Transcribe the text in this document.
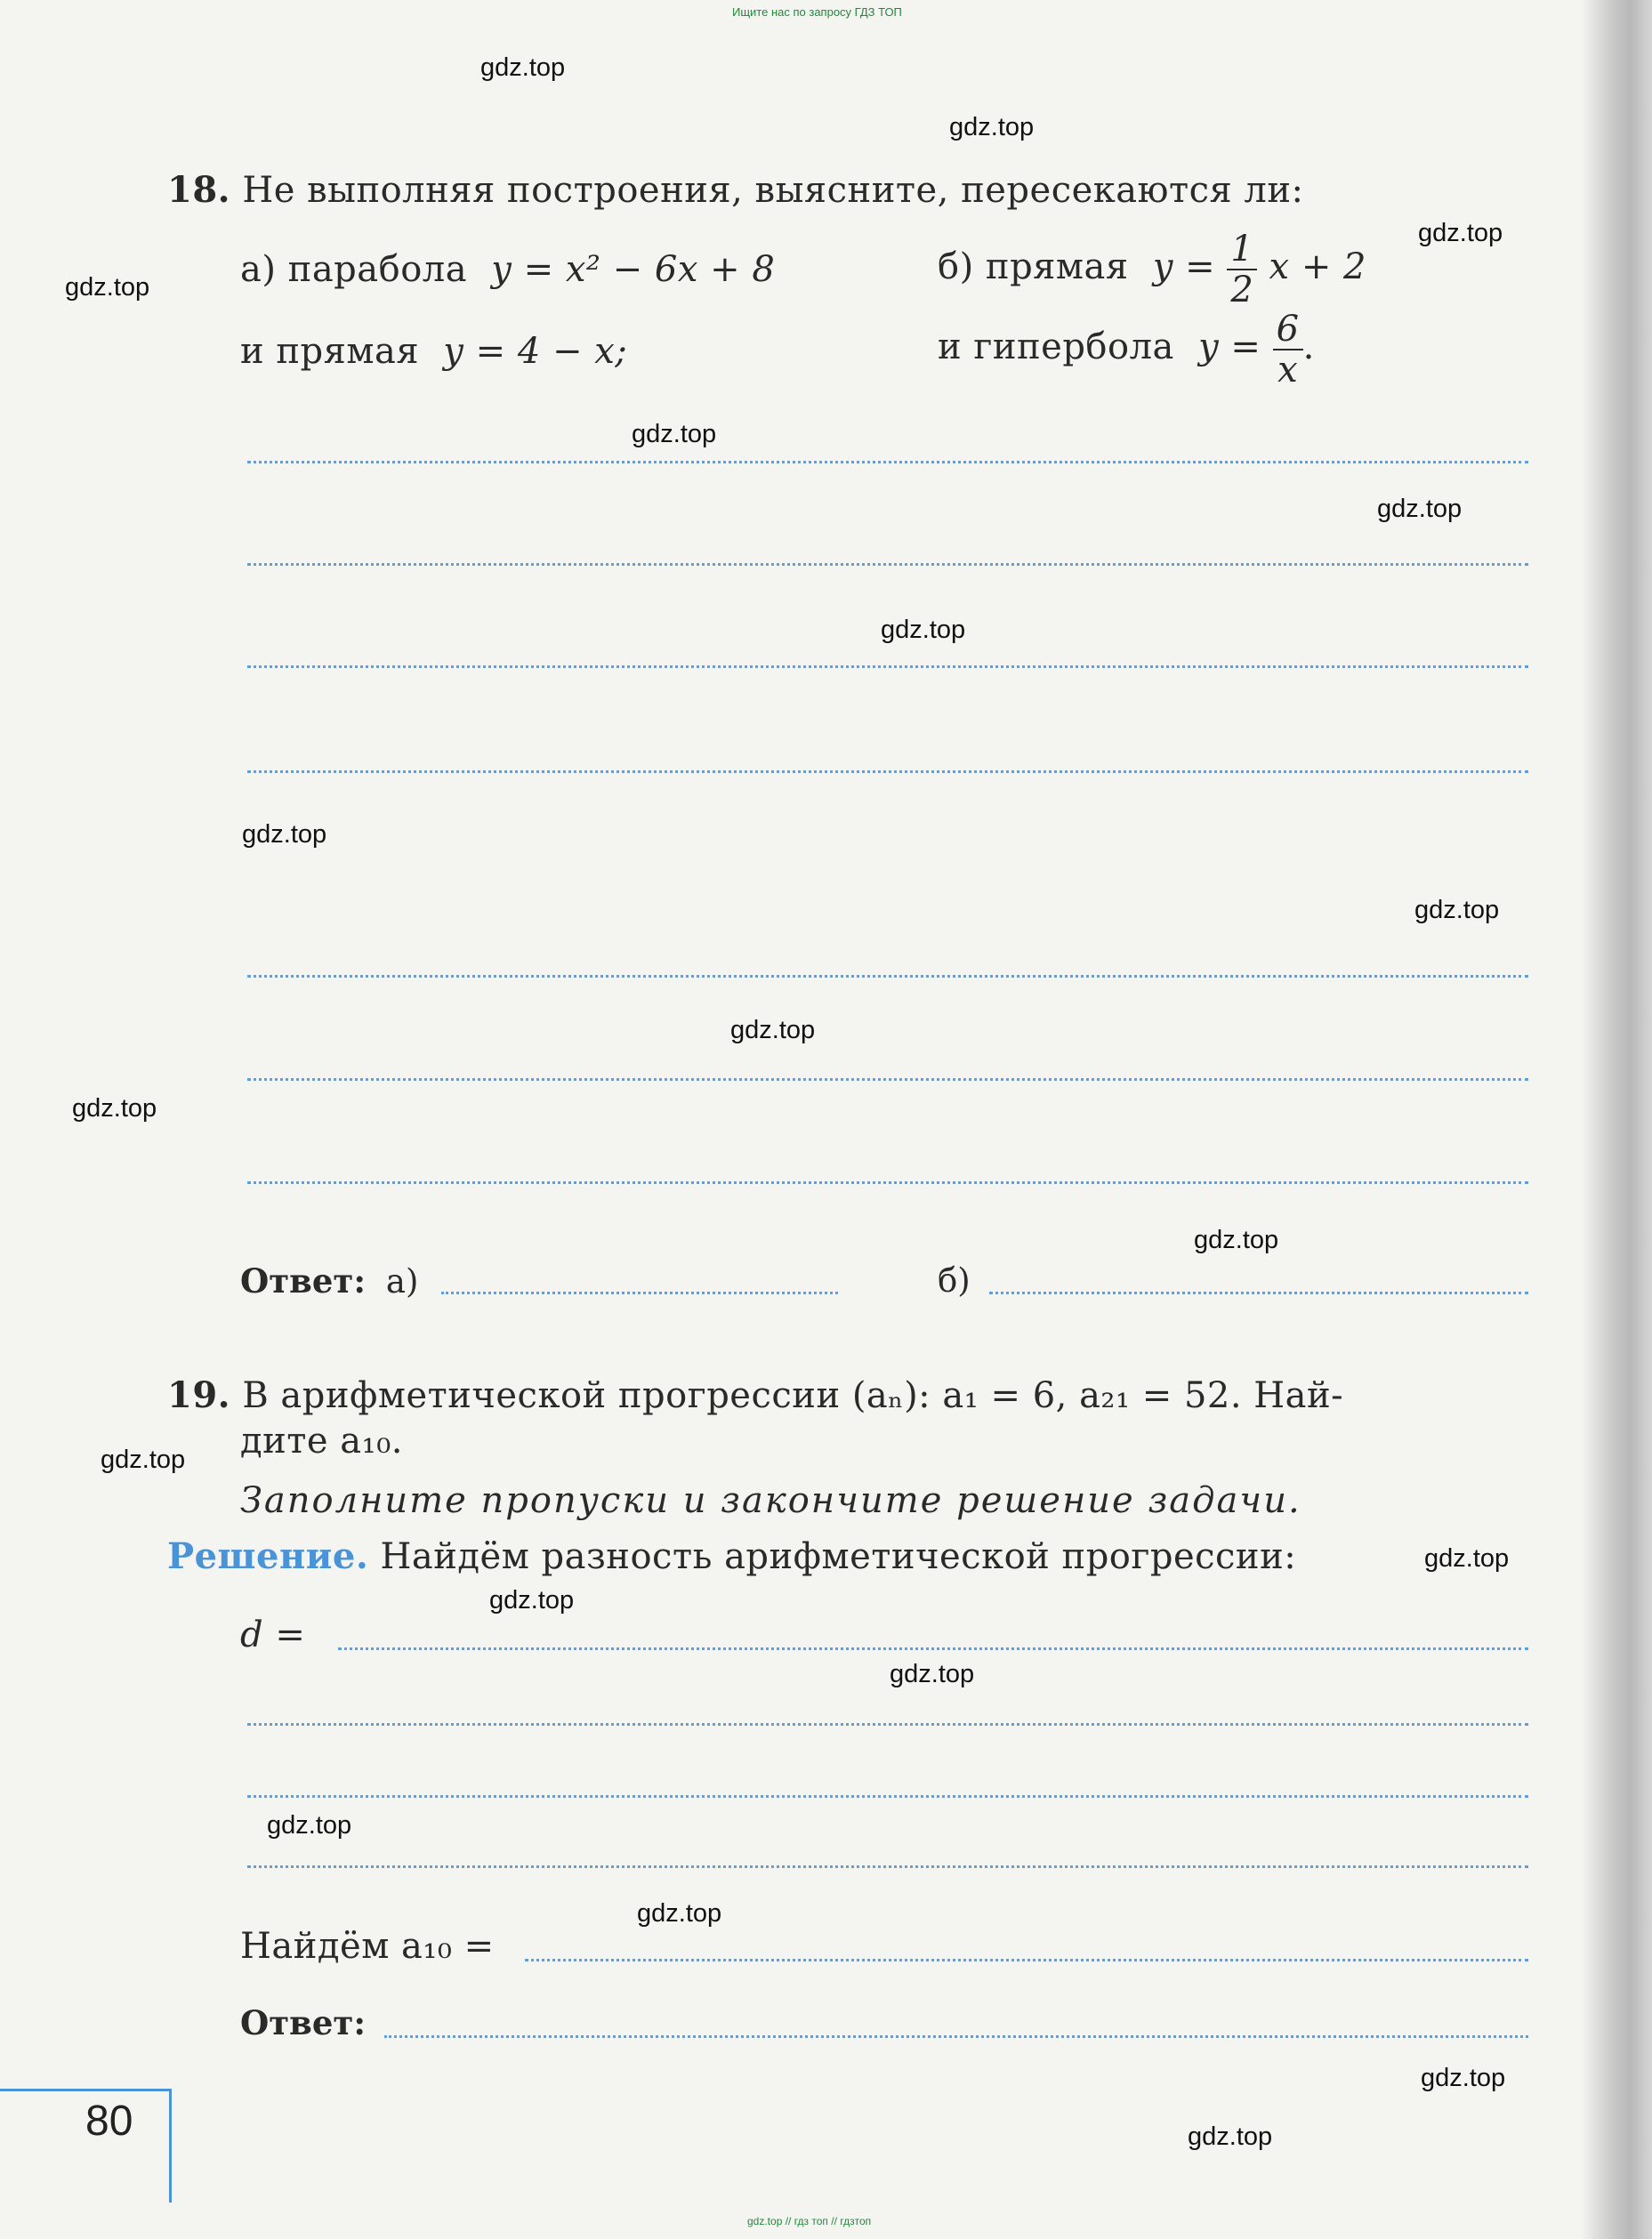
Ищите нас по запросу ГДЗ ТОП
gdz.top
gdz.top
gdz.top
gdz.top
gdz.top
gdz.top
gdz.top
gdz.top
gdz.top
gdz.top
gdz.top
gdz.top
gdz.top
gdz.top
gdz.top
gdz.top
gdz.top
gdz.top
gdz.top
gdz.top
18. Не выполняя построения, выясните, пересекаются ли:
а) парабола y = x² − 6x + 8	б) прямая $y = \frac{1}{2}$ x + 2
и прямая y = 4 − x;	и гипербола $y = \frac{6}{x}$ .
Ответ: а)	б)
19. В арифметической прогрессии (aₙ): a₁ = 6, a₂₁ = 52. Най-
дите a₁₀.
Заполните пропуски и закончите решение задачи.
Решение. Найдём разность арифметической прогрессии:
d =
Найдём a₁₀ =
Ответ:
80
gdz.top // гдз топ // гдзтоп
